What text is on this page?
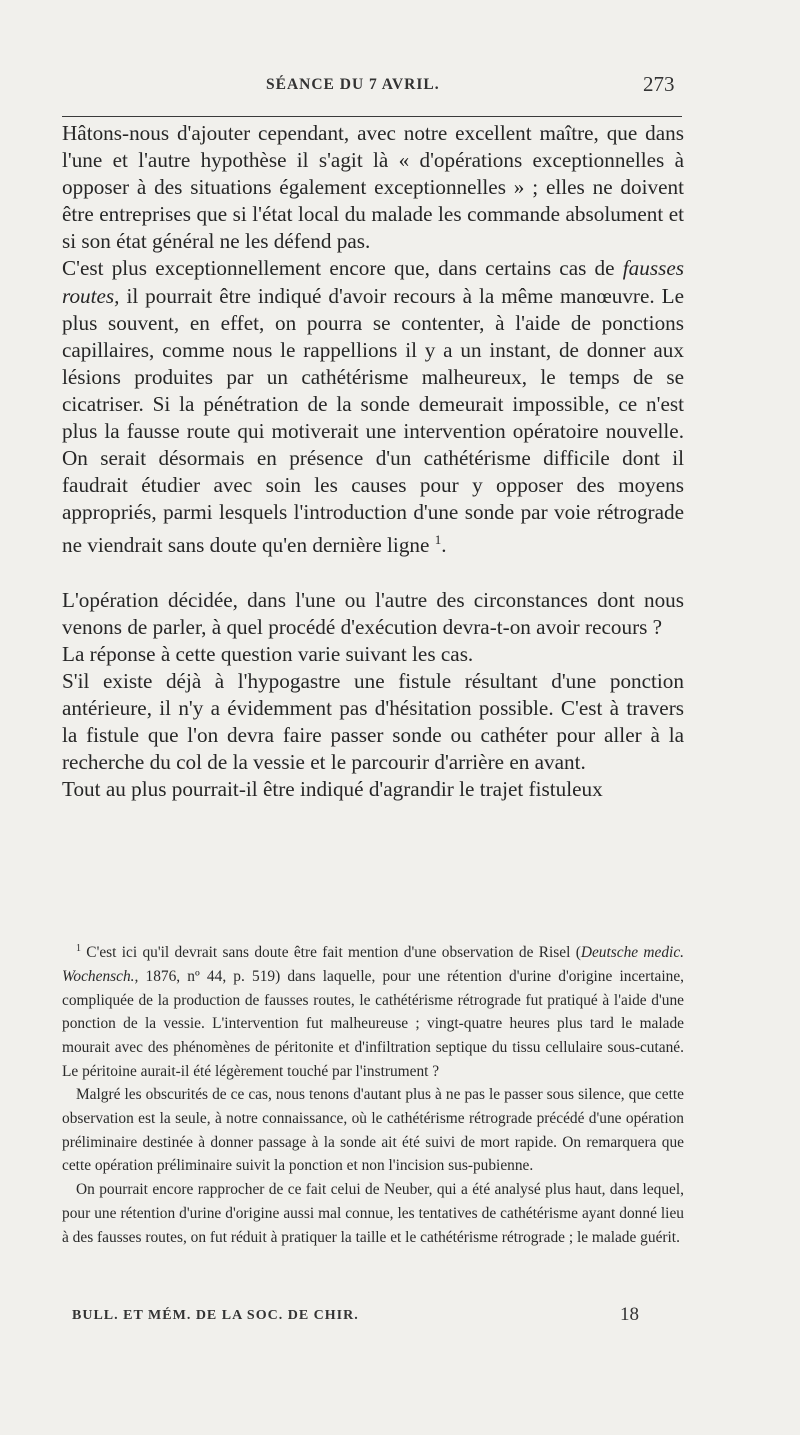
SÉANCE DU 7 AVRIL.	273

Hâtons-nous d'ajouter cependant, avec notre excellent maître, que dans l'une et l'autre hypothèse il s'agit là « d'opérations exceptionnelles à opposer à des situations également exceptionnelles » ; elles ne doivent être entreprises que si l'état local du malade les commande absolument et si son état général ne les défend pas.

C'est plus exceptionnellement encore que, dans certains cas de fausses routes, il pourrait être indiqué d'avoir recours à la même manœuvre. Le plus souvent, en effet, on pourra se contenter, à l'aide de ponctions capillaires, comme nous le rappellions il y a un instant, de donner aux lésions produites par un cathétérisme malheureux, le temps de se cicatriser. Si la pénétration de la sonde demeurait impossible, ce n'est plus la fausse route qui motiverait une intervention opératoire nouvelle. On serait désormais en présence d'un cathétérisme difficile dont il faudrait étudier avec soin les causes pour y opposer des moyens appropriés, parmi lesquels l'introduction d'une sonde par voie rétrograde ne viendrait sans doute qu'en dernière ligne $^1$.

L'opération décidée, dans l'une ou l'autre des circonstances dont nous venons de parler, à quel procédé d'exécution devra-t-on avoir recours ?

La réponse à cette question varie suivant les cas.

S'il existe déjà à l'hypogastre une fistule résultant d'une ponction antérieure, il n'y a évidemment pas d'hésitation possible. C'est à travers la fistule que l'on devra faire passer sonde ou cathéter pour aller à la recherche du col de la vessie et le parcourir d'arrière en avant.

Tout au plus pourrait-il être indiqué d'agrandir le trajet fistuleux

$^1$ C'est ici qu'il devrait sans doute être fait mention d'une observation de Risel (Deutsche medic. Wochensch., 1876, nº 44, p. 519) dans laquelle, pour une rétention d'urine d'origine incertaine, compliquée de la production de fausses routes, le cathétérisme rétrograde fut pratiqué à l'aide d'une ponction de la vessie. L'intervention fut malheureuse ; vingt-quatre heures plus tard le malade mourait avec des phénomènes de péritonite et d'infiltration septique du tissu cellulaire sous-cutané. Le péritoine aurait-il été légèrement touché par l'instrument ?

Malgré les obscurités de ce cas, nous tenons d'autant plus à ne pas le passer sous silence, que cette observation est la seule, à notre connaissance, où le cathétérisme rétrograde précédé d'une opération préliminaire destinée à donner passage à la sonde ait été suivi de mort rapide. On remarquera que cette opération préliminaire suivit la ponction et non l'incision sus-pubienne.

On pourrait encore rapprocher de ce fait celui de Neuber, qui a été analysé plus haut, dans lequel, pour une rétention d'urine d'origine aussi mal connue, les tentatives de cathétérisme ayant donné lieu à des fausses routes, on fut réduit à pratiquer la taille et le cathétérisme rétrograde ; le malade guérit.

BULL. ET MÉM. DE LA SOC. DE CHIR.	18
